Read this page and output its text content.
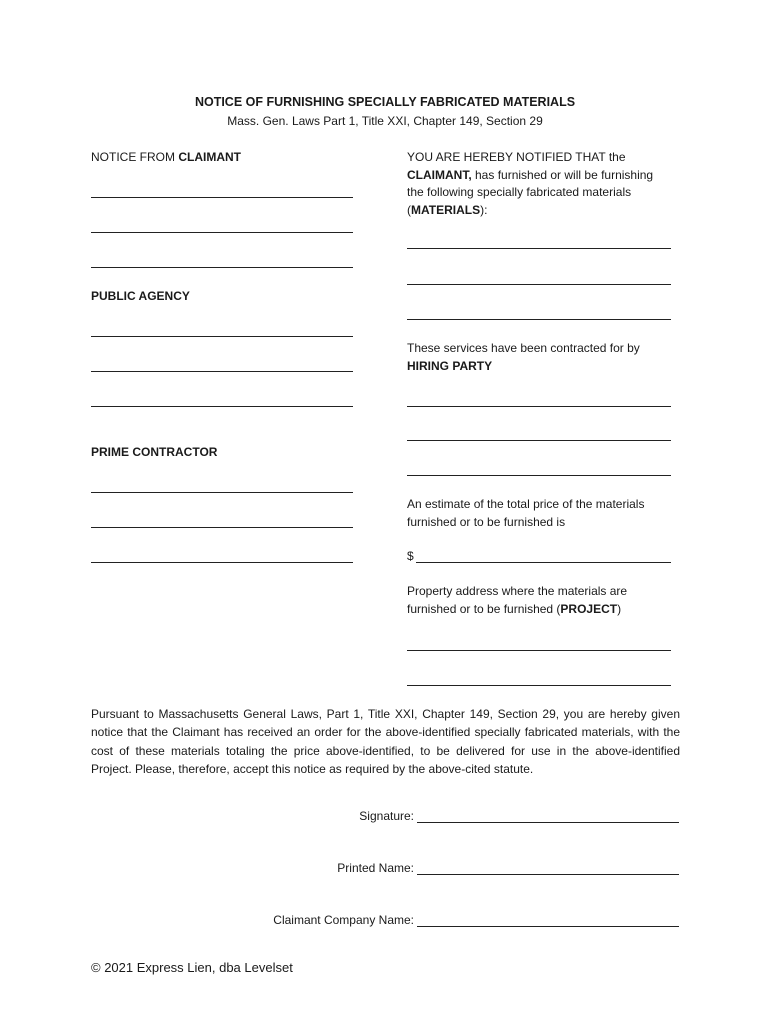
NOTICE OF FURNISHING SPECIALLY FABRICATED MATERIALS
Mass. Gen. Laws Part 1, Title XXI, Chapter 149, Section 29
NOTICE FROM CLAIMANT
PUBLIC AGENCY
PRIME CONTRACTOR
YOU ARE HEREBY NOTIFIED THAT the
CLAIMANT, has furnished or will be furnishing
the following specially fabricated materials
(MATERIALS):
These services have been contracted for by
HIRING PARTY
An estimate of the total price of the materials
furnished or to be furnished is
$
Property address where the materials are
furnished or to be furnished (PROJECT)
Pursuant to Massachusetts General Laws, Part 1, Title XXI, Chapter 149, Section 29, you are hereby given notice that the Claimant has received an order for the above-identified specially fabricated materials, with the cost of these materials totaling the price above-identified, to be delivered for use in the above-identified Project. Please, therefore, accept this notice as required by the above-cited statute.
Signature:
Printed Name:
Claimant Company Name:
© 2021 Express Lien, dba Levelset
